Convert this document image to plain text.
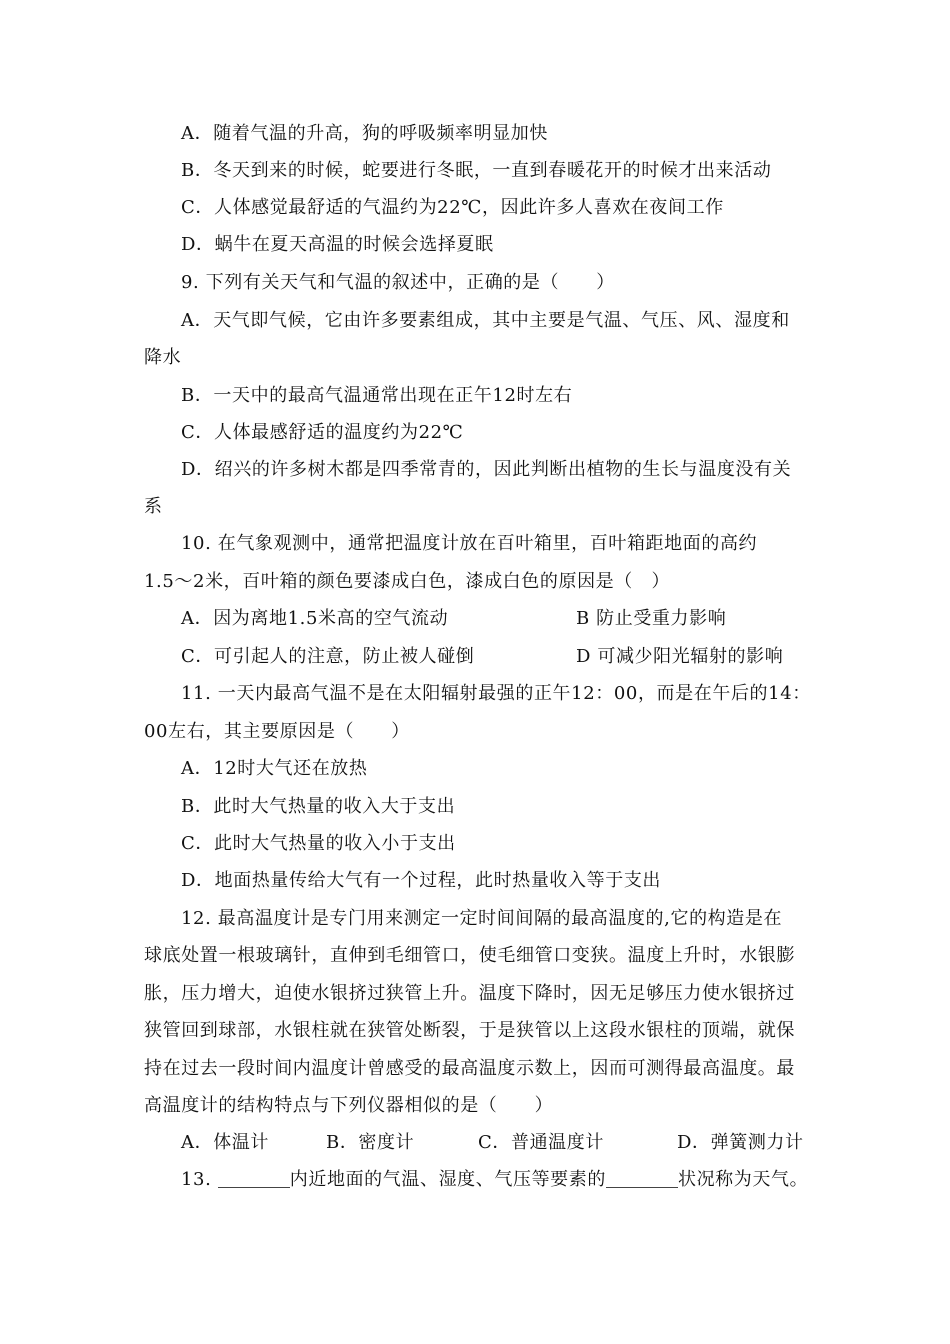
A．随着气温的升高，狗的呼吸频率明显加快
B．冬天到来的时候，蛇要进行冬眠，一直到春暖花开的时候才出来活动
C．人体感觉最舒适的气温约为22℃，因此许多人喜欢在夜间工作
D．蜗牛在夏天高温的时候会选择夏眠
9. 下列有关天气和气温的叙述中，正确的是（　　）
A．天气即气候，它由许多要素组成，其中主要是气温、气压、风、湿度和
降水
B．一天中的最高气温通常出现在正午12时左右
C．人体最感舒适的温度约为22℃
D．绍兴的许多树木都是四季常青的，因此判断出植物的生长与温度没有关
系
10. 在气象观测中，通常把温度计放在百叶箱里，百叶箱距地面的高约
1.5～2米，百叶箱的颜色要漆成白色，漆成白色的原因是（　）
A．因为离地1.5米高的空气流动	B 防止受重力影响
C．可引起人的注意，防止被人碰倒	D 可减少阳光辐射的影响
11. 一天内最高气温不是在太阳辐射最强的正午12：00，而是在午后的14：
00左右，其主要原因是（　　）
A．12时大气还在放热
B．此时大气热量的收入大于支出
C．此时大气热量的收入小于支出
D．地面热量传给大气有一个过程，此时热量收入等于支出
12. 最高温度计是专门用来测定一定时间间隔的最高温度的,它的构造是在
球底处置一根玻璃针，直伸到毛细管口，使毛细管口变狭。温度上升时，水银膨
胀，压力增大，迫使水银挤过狭管上升。温度下降时，因无足够压力使水银挤过
狭管回到球部，水银柱就在狭管处断裂，于是狭管以上这段水银柱的顶端，就保
持在过去一段时间内温度计曾感受的最高温度示数上，因而可测得最高温度。最
高温度计的结构特点与下列仪器相似的是（　　）
A．体温计	B．密度计	C．普通温度计	D．弹簧测力计
13.	内近地面的气温、湿度、气压等要素的	状况称为天气。
